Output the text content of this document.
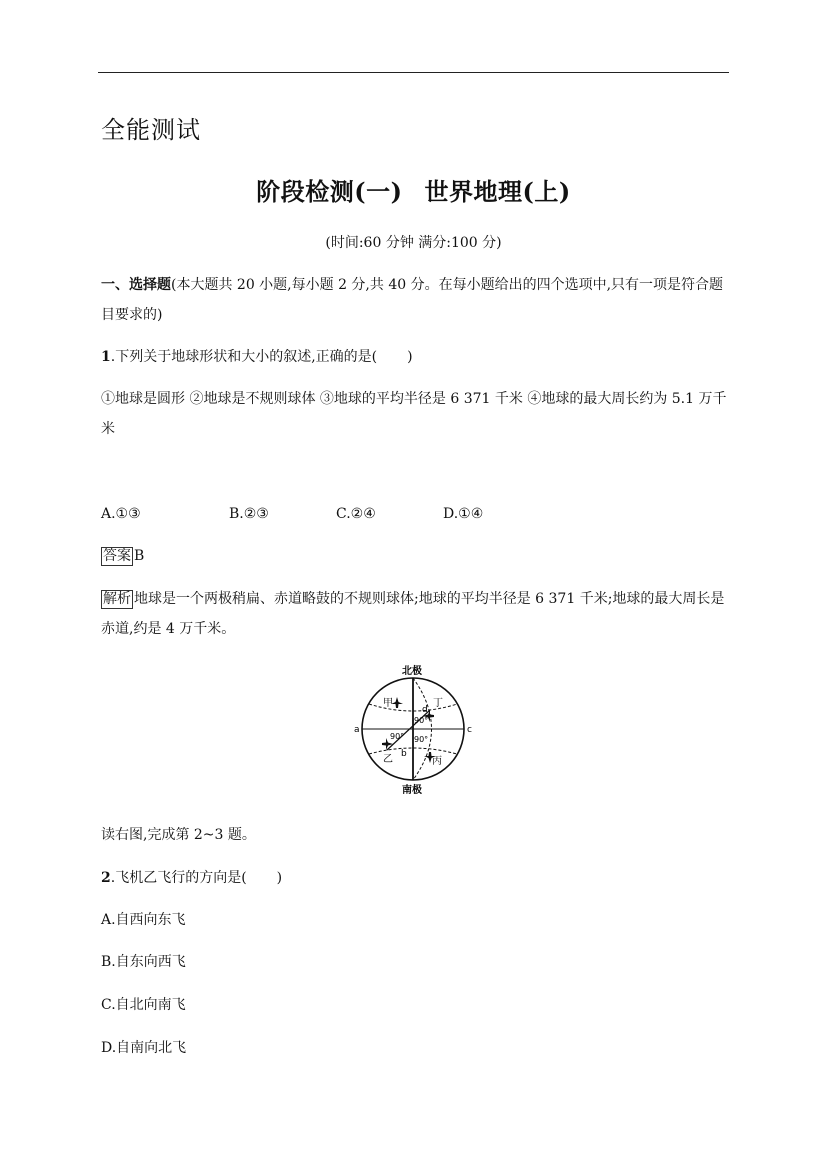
全能测试
阶段检测(一) 世界地理(上)
(时间:60 分钟 满分:100 分)
一、选择题(本大题共 20 小题,每小题 2 分,共 40 分。在每小题给出的四个选项中,只有一项是符合题目要求的)
1.下列关于地球形状和大小的叙述,正确的是( )
①地球是圆形 ②地球是不规则球体 ③地球的平均半径是 6 371 千米 ④地球的最大周长约为 5.1 万千米
A.①③	B.②③	C.②④	D.①④
答案 B
解析 地球是一个两极稍扁、赤道略鼓的不规则球体;地球的平均半径是 6 371 千米;地球的最大周长是赤道,约是 4 万千米。
北极
南极
甲	丁
乙	丙
a	c
d
b
90°
90° 90°
读右图,完成第 2~3 题。
2.飞机乙飞行的方向是( )
A.自西向东飞
B.自东向西飞
C.自北向南飞
D.自南向北飞
